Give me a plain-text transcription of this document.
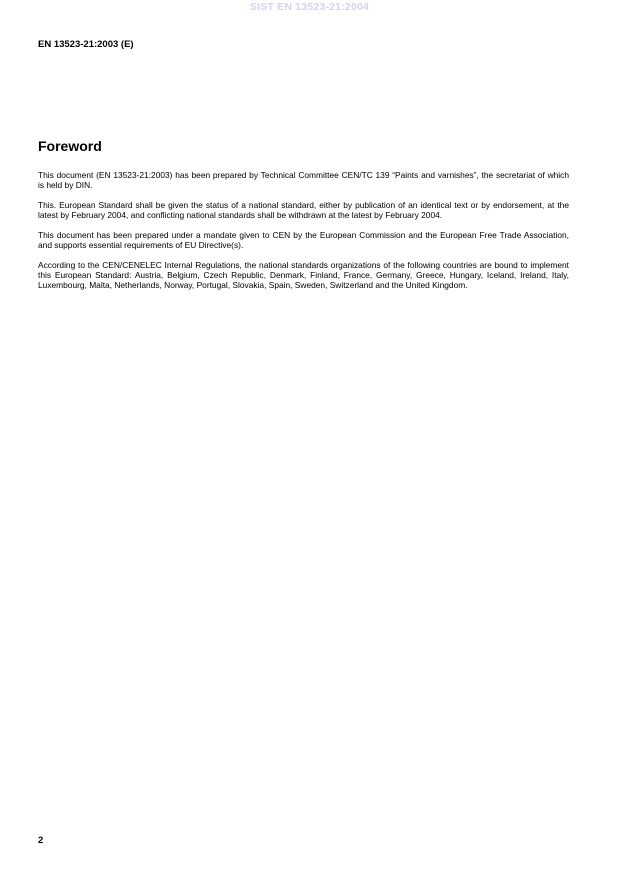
SIST EN 13523-21:2004
EN 13523-21:2003 (E)
Foreword

This document (EN 13523-21:2003) has been prepared by Technical Committee CEN/TC 139 “Paints and varnishes”, the secretariat of which is held by DIN.

This. European Standard shall be given the status of a national standard, either by publication of an identical text or by endorsement, at the latest by February 2004, and conflicting national standards shall be withdrawn at the latest by February 2004.

This document has been prepared under a mandate given to CEN by the European Commission and the European Free Trade Association, and supports essential requirements of EU Directive(s).

According to the CEN/CENELEC Internal Regulations, the national standards organizations of the following countries are bound to implement this European Standard: Austria, Belgium, Czech Republic, Denmark, Finland, France, Germany, Greece, Hungary, Iceland, Ireland, Italy, Luxembourg, Malta, Netherlands, Norway, Portugal, Slovakia, Spain, Sweden, Switzerland and the United Kingdom.

2
